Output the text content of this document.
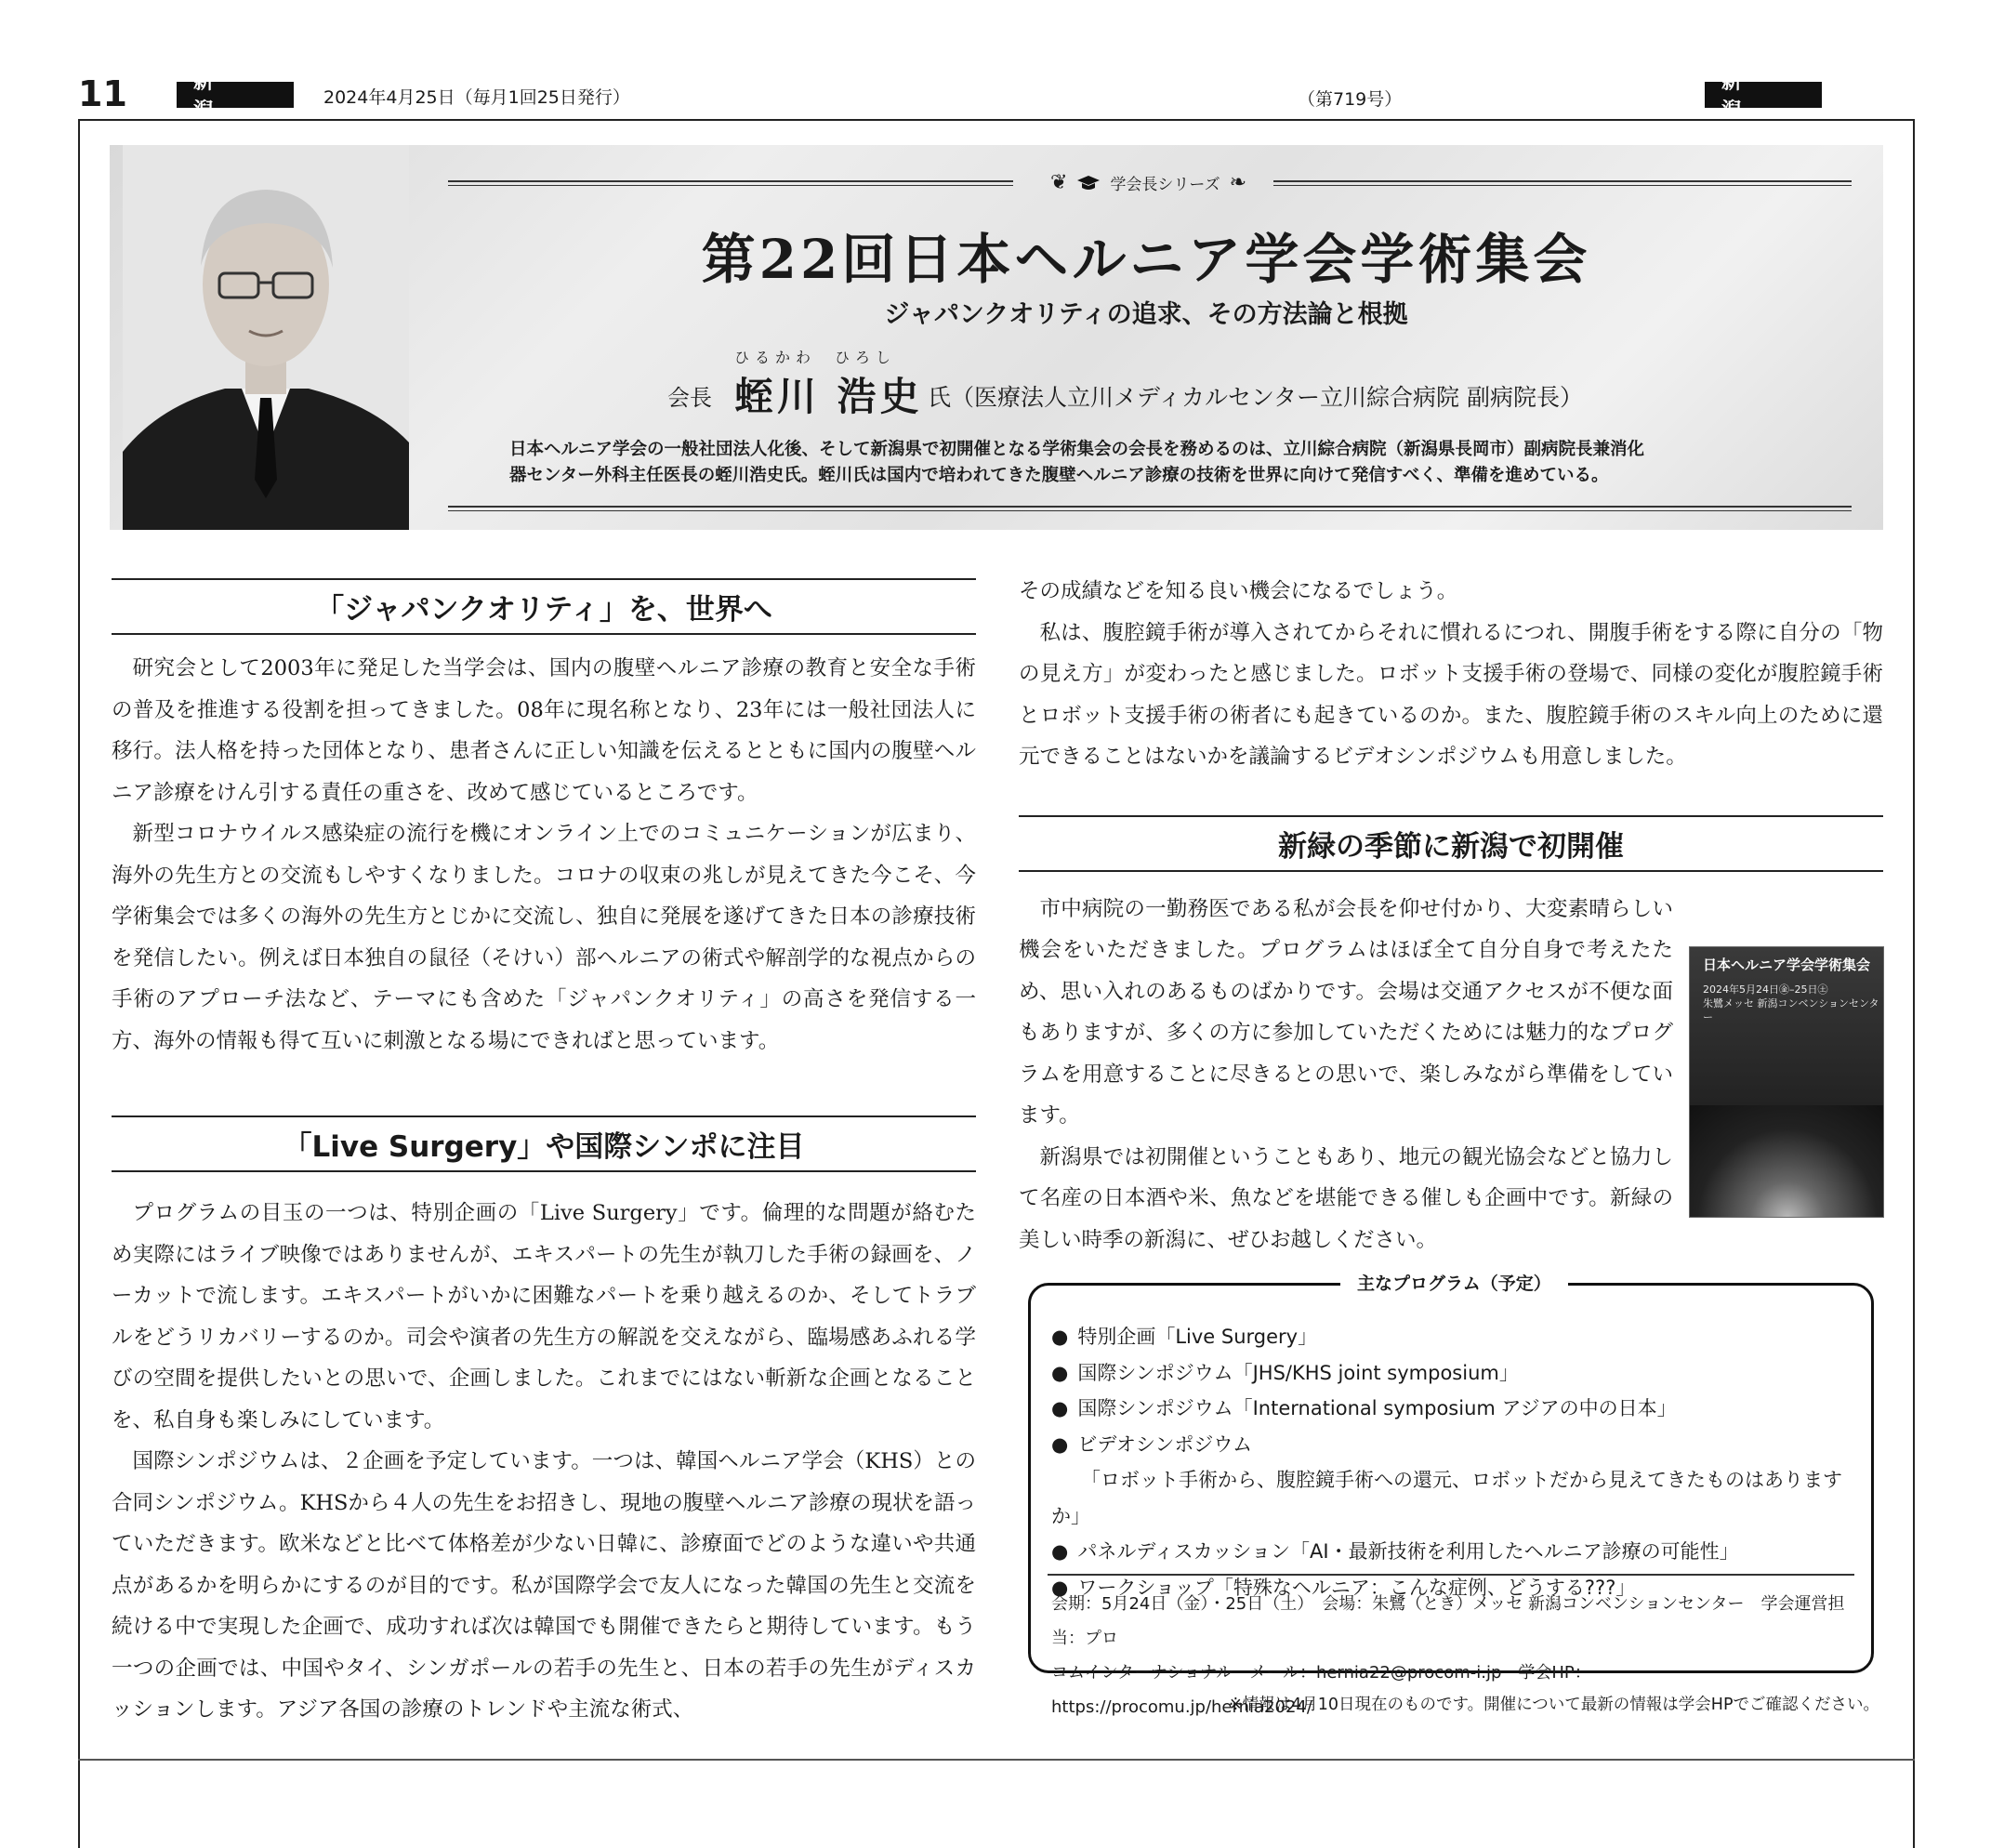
11	新　潟
2024年4月25日（毎月1回25日発行）	（第719号）
新　潟
❦	学会長シリーズ ❧
第22回日本ヘルニア学会学術集会
ジャパンクオリティの追求、その方法論と根拠
ひるかわ ひろし
会長 蛭川 浩史 氏（医療法人立川メディカルセンター立川綜合病院 副病院長）
日本ヘルニア学会の一般社団法人化後、そして新潟県で初開催となる学術集会の会長を務めるのは、立川綜合病院（新潟県長岡市）副病院長兼消化
器センター外科主任医長の蛭川浩史氏。蛭川氏は国内で培われてきた腹壁ヘルニア診療の技術を世界に向けて発信すべく、準備を進めている。
「ジャパンクオリティ」を、世界へ

研究会として2003年に発足した当学会は、国内の腹壁ヘルニア診療の教育と安全な手術の普及を推進する役割を担ってきました。08年に現名称となり、23年には一般社団法人に移行。法人格を持った団体となり、患者さんに正しい知識を伝えるとともに国内の腹壁ヘルニア診療をけん引する責任の重さを、改めて感じているところです。

新型コロナウイルス感染症の流行を機にオンライン上でのコミュニケーションが広まり、海外の先生方との交流もしやすくなりました。コロナの収束の兆しが見えてきた今こそ、今学術集会では多くの海外の先生方とじかに交流し、独自に発展を遂げてきた日本の診療技術を発信したい。例えば日本独自の鼠径（そけい）部ヘルニアの術式や解剖学的な視点からの手術のアプローチ法など、テーマにも含めた「ジャパンクオリティ」の高さを発信する一方、海外の情報も得て互いに刺激となる場にできればと思っています。

「Live Surgery」や国際シンポに注目

プログラムの目玉の一つは、特別企画の「Live Surgery」です。倫理的な問題が絡むため実際にはライブ映像ではありませんが、エキスパートの先生が執刀した手術の録画を、ノーカットで流します。エキスパートがいかに困難なパートを乗り越えるのか、そしてトラブルをどうリカバリーするのか。司会や演者の先生方の解説を交えながら、臨場感あふれる学びの空間を提供したいとの思いで、企画しました。これまでにはない斬新な企画となることを、私自身も楽しみにしています。

国際シンポジウムは、２企画を予定しています。一つは、韓国ヘルニア学会（KHS）との合同シンポジウム。KHSから４人の先生をお招きし、現地の腹壁ヘルニア診療の現状を語っていただきます。欧米などと比べて体格差が少ない日韓に、診療面でどのような違いや共通点があるかを明らかにするのが目的です。私が国際学会で友人になった韓国の先生と交流を続ける中で実現した企画で、成功すれば次は韓国でも開催できたらと期待しています。もう一つの企画では、中国やタイ、シンガポールの若手の先生と、日本の若手の先生がディスカッションします。アジア各国の診療のトレンドや主流な術式、

その成績などを知る良い機会になるでしょう。

私は、腹腔鏡手術が導入されてからそれに慣れるにつれ、開腹手術をする際に自分の「物の見え方」が変わったと感じました。ロボット支援手術の登場で、同様の変化が腹腔鏡手術とロボット支援手術の術者にも起きているのか。また、腹腔鏡手術のスキル向上のために還元できることはないかを議論するビデオシンポジウムも用意しました。

新緑の季節に新潟で初開催

市中病院の一勤務医である私が会長を仰せ付かり、大変素晴らしい機会をいただきました。プログラムはほぼ全て自分自身で考えたため、思い入れのあるものばかりです。会場は交通アクセスが不便な面もありますが、多くの方に参加していただくためには魅力的なプログラムを用意することに尽きるとの思いで、楽しみながら準備をしています。

新潟県では初開催ということもあり、地元の観光協会などと協力して名産の日本酒や米、魚などを堪能できる催しも企画中です。新緑の美しい時季の新潟に、ぜひお越しください。

日本ヘルニア学会学術集会
2024年5月24日㊎–25日㊏
朱鷺メッセ 新潟コンベンションセンター
● 特別企画「Live Surgery」
● 国際シンポジウム「JHS/KHS joint symposium」
● 国際シンポジウム「International symposium アジアの中の日本」
● ビデオシンポジウム
「ロボット手術から、腹腔鏡手術への還元、ロボットだから見えてきたものはありますか」
● パネルディスカッション「AI・最新技術を利用したヘルニア診療の可能性」
● ワークショップ「特殊なヘルニア：こんな症例、どうする???」
会期：5月24日（金）・25日（土）　会場：朱鷺（とき）メッセ 新潟コンベンションセンター　学会運営担当：プロ
コムインターナショナル　メール：hernia22@procom-i.jp　学会HP：https://procomu.jp/hernia2024/
主なプログラム（予定）
※情報は4月10日現在のものです。開催について最新の情報は学会HPでご確認ください。
